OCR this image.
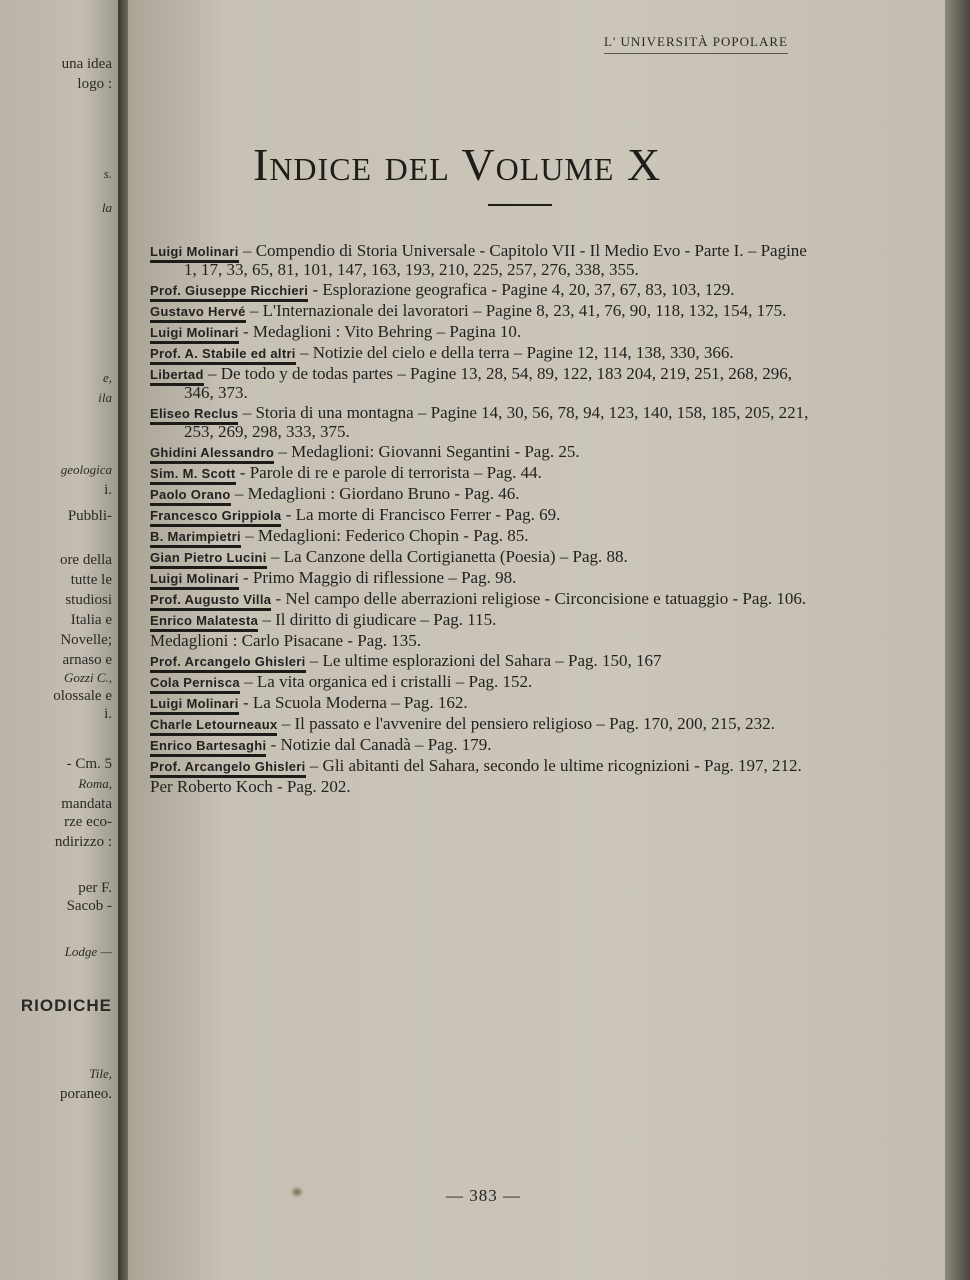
una idea
logo :
s.
la
e,
ila
geologica
i.
Pubbli-
ore della
tutte le
studiosi
Italia e
Novelle;
arnaso e
Gozzi C.,
olossale e
i.
- Cm. 5
Roma,
mandata
rze eco-
ndirizzo :
per F.
Sacob -
Lodge —
RIODICHE
Tile,
poraneo.
L' UNIVERSITÀ POPOLARE
Indice del Volume X
Luigi Molinari – Compendio di Storia Universale - Capitolo VII - Il Medio Evo - Parte I. – Pagine 1, 17, 33, 65, 81, 101, 147, 163, 193, 210, 225, 257, 276, 338, 355.
Prof. Giuseppe Ricchieri - Esplorazione geografica - Pagine 4, 20, 37, 67, 83, 103, 129.
Gustavo Hervé – L'Internazionale dei lavoratori – Pagine 8, 23, 41, 76, 90, 118, 132, 154, 175.
Luigi Molinari - Medaglioni : Vito Behring – Pagina 10.
Prof. A. Stabile ed altri – Notizie del cielo e della terra – Pagine 12, 114, 138, 330, 366.
Libertad – De todo y de todas partes – Pagine 13, 28, 54, 89, 122, 183 204, 219, 251, 268, 296, 346, 373.
Eliseo Reclus – Storia di una montagna – Pagine 14, 30, 56, 78, 94, 123, 140, 158, 185, 205, 221, 253, 269, 298, 333, 375.
Ghidini Alessandro – Medaglioni: Giovanni Segantini - Pag. 25.
Sim. M. Scott - Parole di re e parole di terrorista – Pag. 44.
Paolo Orano – Medaglioni : Giordano Bruno - Pag. 46.
Francesco Grippiola - La morte di Francisco Ferrer - Pag. 69.
B. Marimpietri – Medaglioni: Federico Chopin - Pag. 85.
Gian Pietro Lucini – La Canzone della Cortigianetta (Poesia) – Pag. 88.
Luigi Molinari - Primo Maggio di riflessione – Pag. 98.
Prof. Augusto Villa - Nel campo delle aberrazioni religiose - Circoncisione e tatuaggio - Pag. 106.
Enrico Malatesta – Il diritto di giudicare – Pag. 115.
Medaglioni : Carlo Pisacane - Pag. 135.
Prof. Arcangelo Ghisleri – Le ultime esplorazioni del Sahara – Pag. 150, 167
Cola Pernisca – La vita organica ed i cristalli – Pag. 152.
Luigi Molinari - La Scuola Moderna – Pag. 162.
Charle Letourneaux – Il passato e l'avvenire del pensiero religioso – Pag. 170, 200, 215, 232.
Enrico Bartesaghi - Notizie dal Canadà – Pag. 179.
Prof. Arcangelo Ghisleri – Gli abitanti del Sahara, secondo le ultime ricognizioni - Pag. 197, 212.
Per Roberto Koch - Pag. 202.
— 383 —
